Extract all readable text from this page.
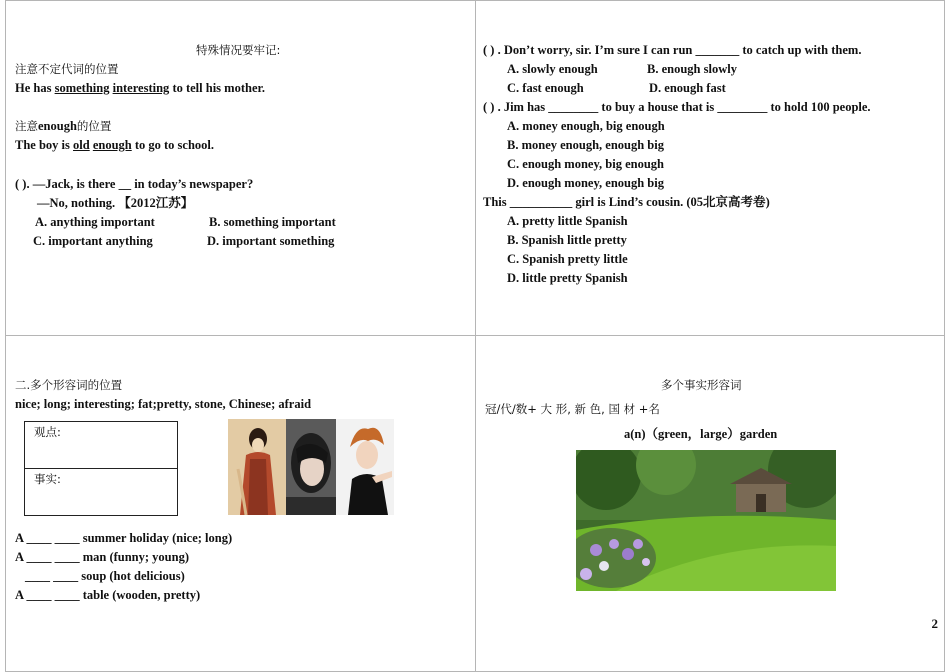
特殊情况要牢记:
注意不定代词的位置
He has something interesting to tell his mother.
注意enough的位置
The boy is old enough to go to school.
( ). —Jack, is there __ in today’s newspaper?
—No, nothing. 【2012江苏】
A. anything important	B. something important
C. important anything	D. important something
( ) . Don’t worry, sir. I’m sure I can run _______ to catch up with them.
A. slowly enough	B. enough slowly
C. fast enough	D. enough fast
( ) . Jim has ________ to buy a house that is ________ to hold 100 people.
A. money enough, big enough
B. money enough, enough big
C. enough money, big enough
D. enough money, enough big
This __________ girl is Lind’s cousin. (05北京高考卷)
A. pretty little Spanish
B. Spanish little pretty
C. Spanish pretty little
D. little pretty Spanish
二.多个形容词的位置
nice; long; interesting; fat;pretty, stone, Chinese; afraid
观点:
事实:
A ____ ____ summer holiday (nice; long)
A ____ ____ man (funny; young)
____ ____ soup (hot delicious)
A ____ ____ table (wooden, pretty)
多个事实形容词
冠/代/数+ 大 形, 新 色, 国 材 +名
a(n)（green，large）garden
2
